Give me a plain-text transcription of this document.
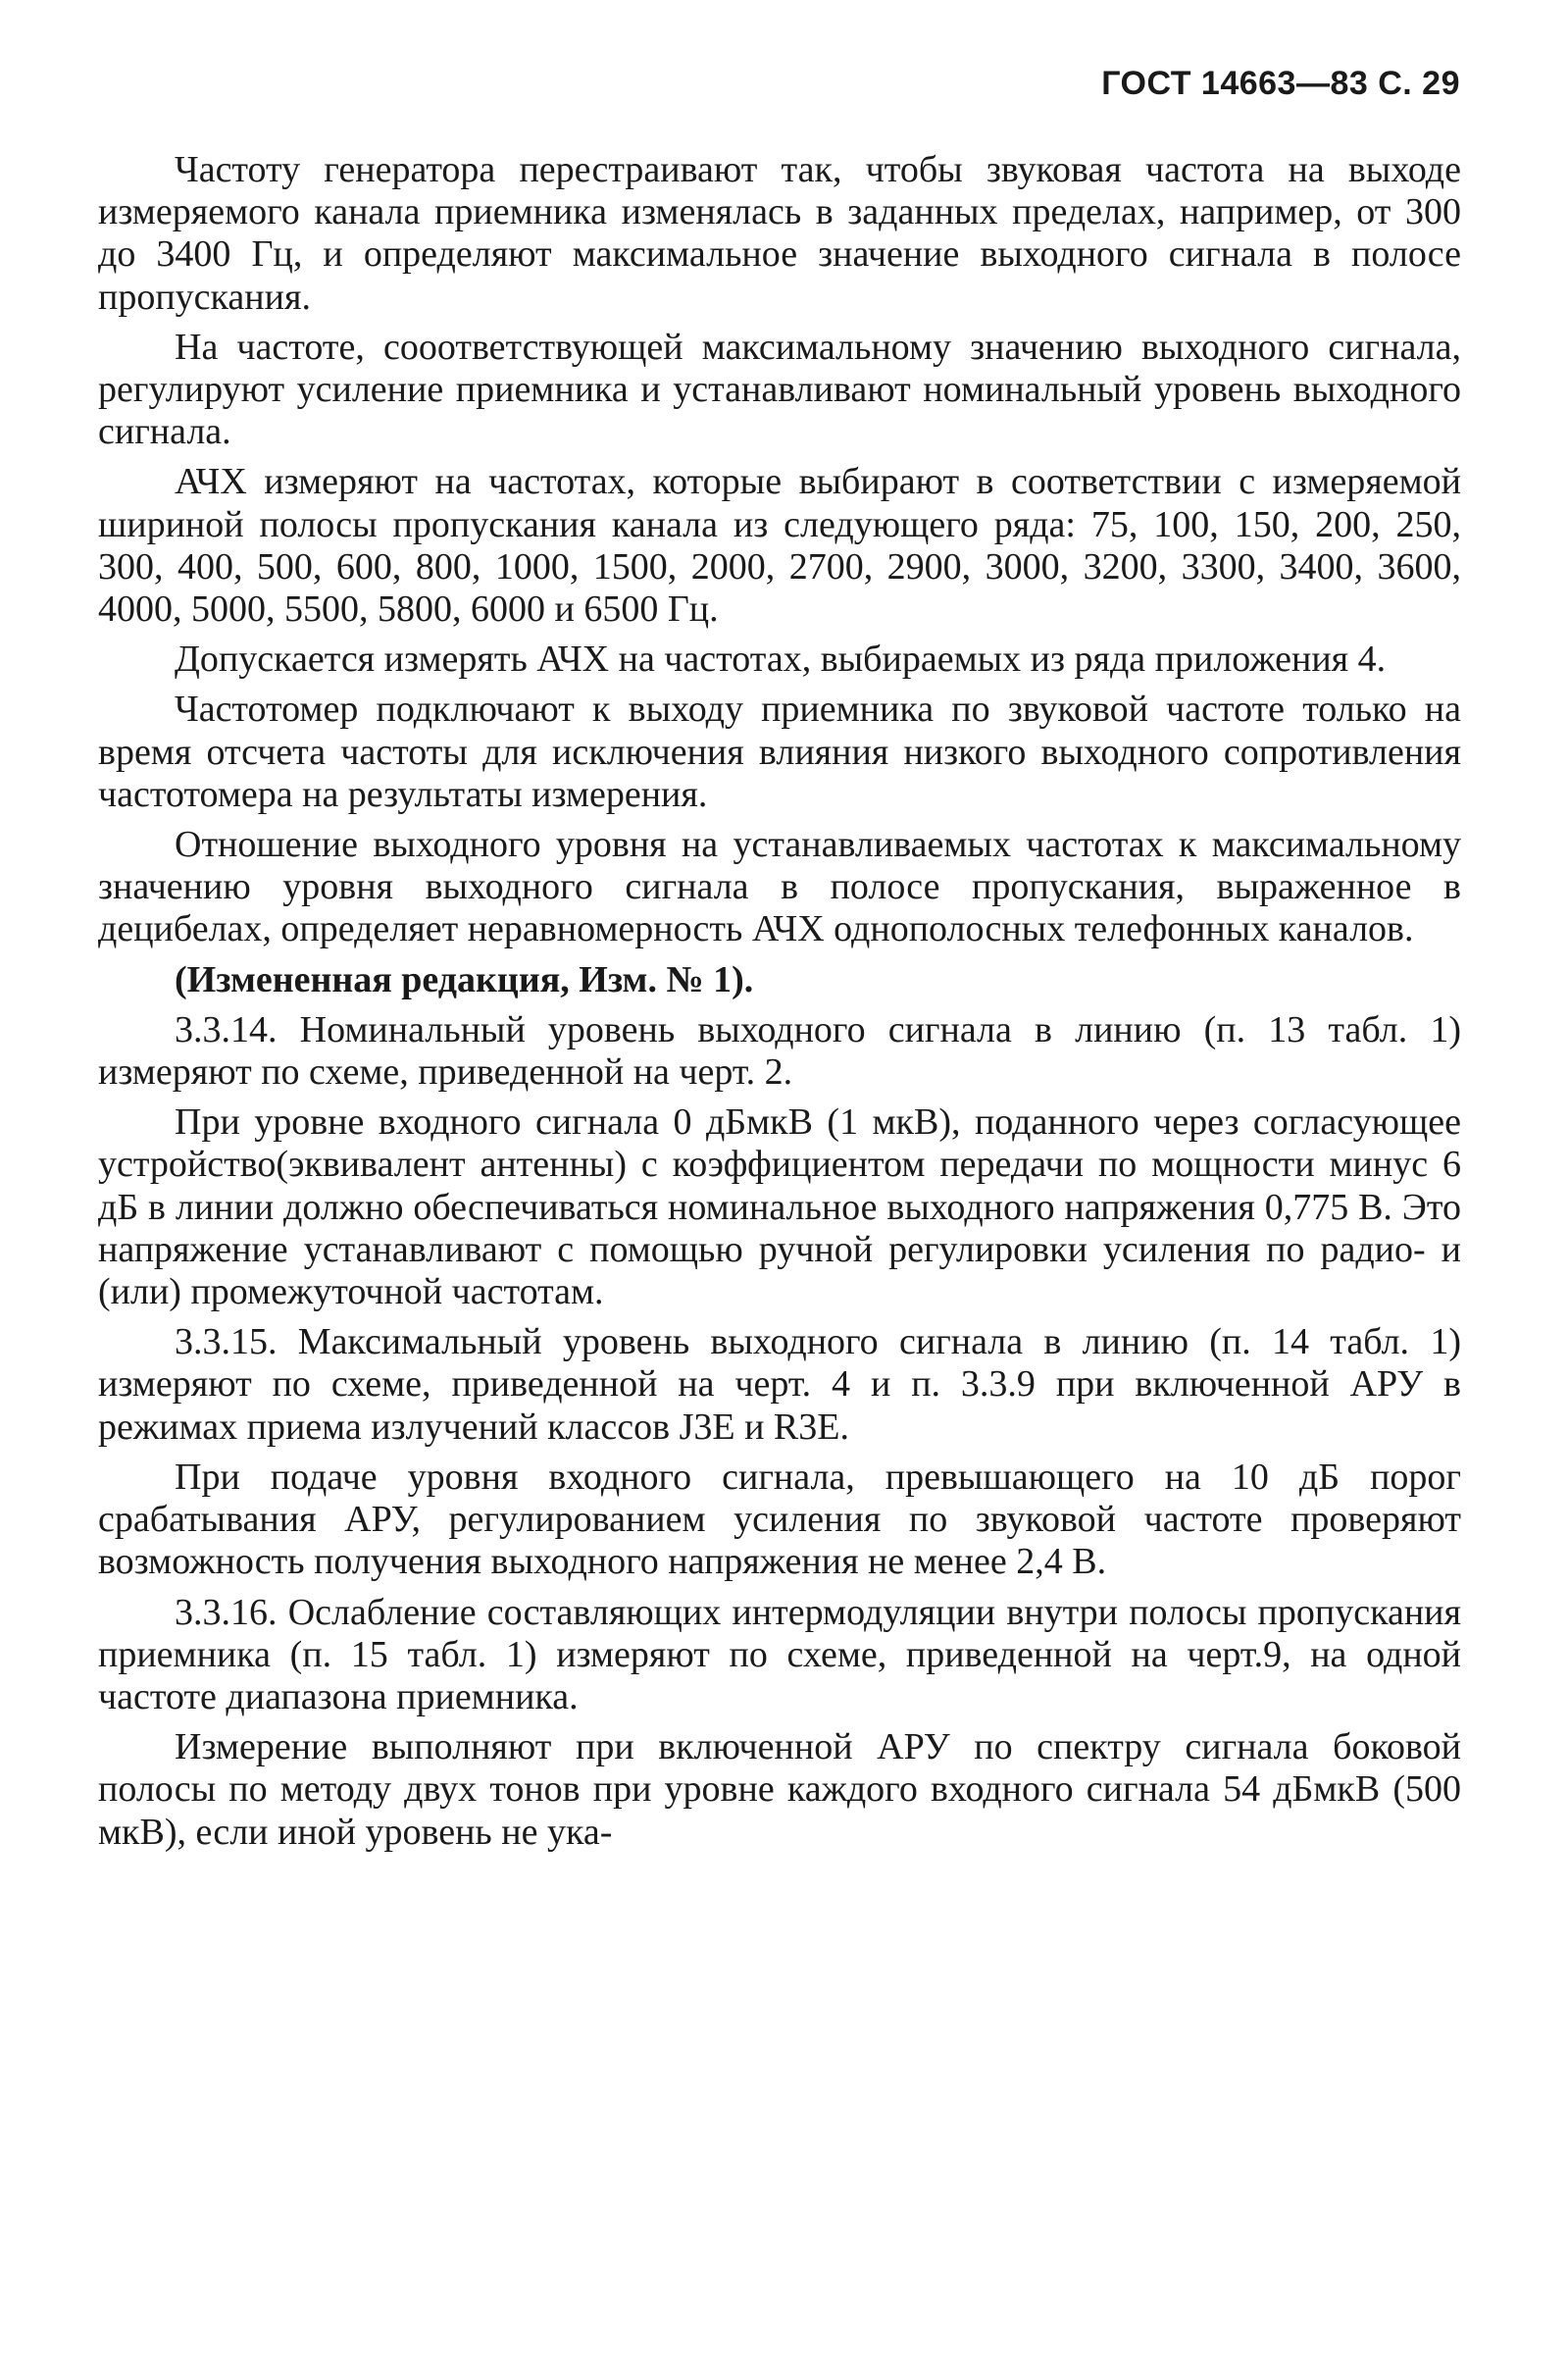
ГОСТ 14663—83 С. 29

Частоту генератора перестраивают так, чтобы звуковая частота на выходе измеряемого канала приемника изменялась в заданных пределах, например, от 300 до 3400 Гц, и определяют максимальное значение выходного сигнала в полосе пропускания.

На частоте, сооответствующей максимальному значению выходного сигнала, регулируют усиление приемника и устанавливают номинальный уровень выходного сигнала.

АЧХ измеряют на частотах, которые выбирают в соответствии с измеряемой шириной полосы пропускания канала из следующего ряда: 75, 100, 150, 200, 250, 300, 400, 500, 600, 800, 1000, 1500, 2000, 2700, 2900, 3000, 3200, 3300, 3400, 3600, 4000, 5000, 5500, 5800, 6000 и 6500 Гц.

Допускается измерять АЧХ на частотах, выбираемых из ряда приложения 4.

Частотомер подключают к выходу приемника по звуковой частоте только на время отсчета частоты для исключения влияния низкого выходного сопротивления частотомера на результаты измерения.

Отношение выходного уровня на устанавливаемых частотах к максимальному значению уровня выходного сигнала в полосе пропускания, выраженное в децибелах, определяет неравномерность АЧХ однополосных телефонных каналов.

(Измененная редакция, Изм. № 1).

3.3.14. Номинальный уровень выходного сигнала в линию (п. 13 табл. 1) измеряют по схеме, приведенной на черт. 2.

При уровне входного сигнала 0 дБмкВ (1 мкВ), поданного через согласующее устройство(эквивалент антенны) с коэффициентом передачи по мощности минус 6 дБ в линии должно обеспечиваться номинальное выходного напряжения 0,775 В. Это напряжение устанавливают с помощью ручной регулировки усиления по радио- и (или) промежуточной частотам.

3.3.15. Максимальный уровень выходного сигнала в линию (п. 14 табл. 1) измеряют по схеме, приведенной на черт. 4 и п. 3.3.9 при включенной АРУ в режимах приема излучений классов J3E и R3E.

При подаче уровня входного сигнала, превышающего на 10 дБ порог срабатывания АРУ, регулированием усиления по звуковой частоте проверяют возможность получения выходного напряжения не менее 2,4 В.

3.3.16. Ослабление составляющих интермодуляции внутри полосы пропускания приемника (п. 15 табл. 1) измеряют по схеме, приведенной на черт.9, на одной частоте диапазона приемника.

Измерение выполняют при включенной АРУ по спектру сигнала боковой полосы по методу двух тонов при уровне каждого входного сигнала 54 дБмкВ (500 мкВ), если иной уровень не ука-
